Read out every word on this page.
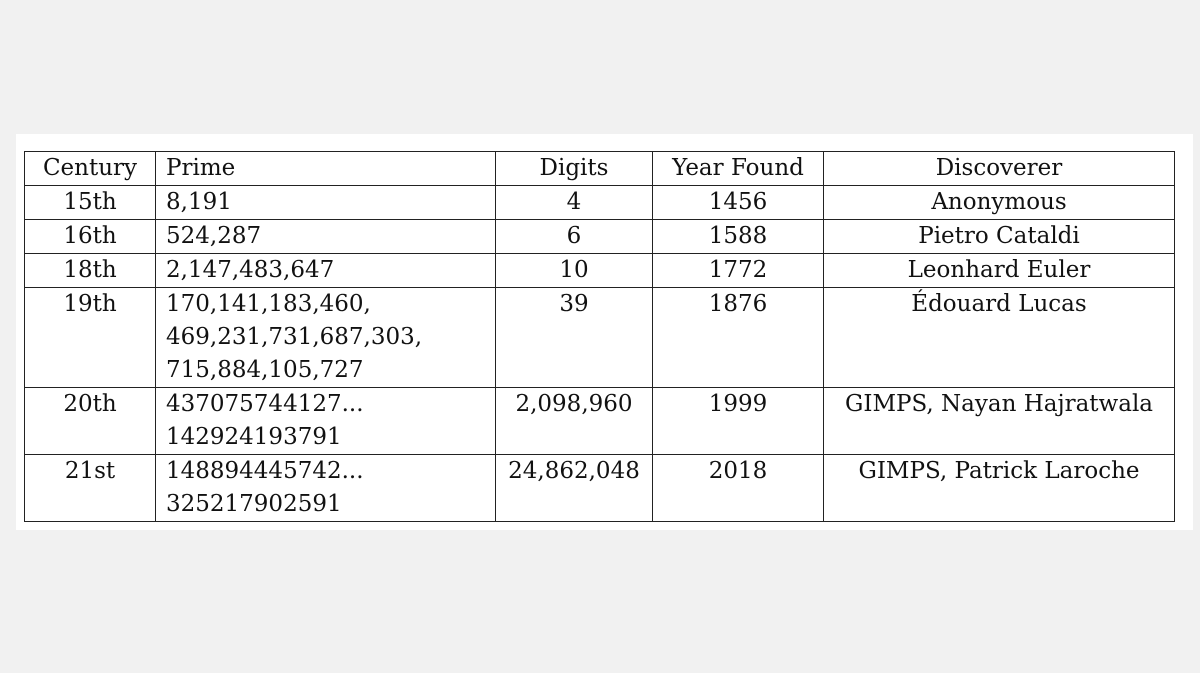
Century	Prime	Digits	Year Found	Discoverer
15th	8,191	4	1456	Anonymous
16th	524,287	6	1588	Pietro Cataldi
18th	2,147,483,647	10	1772	Leonhard Euler
19th	170,141,183,460,
469,231,731,687,303,
715,884,105,727	39	1876	Édouard Lucas
20th	437075744127...
142924193791	2,098,960	1999	GIMPS, Nayan Hajratwala
21st	148894445742...
325217902591	24,862,048	2018	GIMPS, Patrick Laroche
